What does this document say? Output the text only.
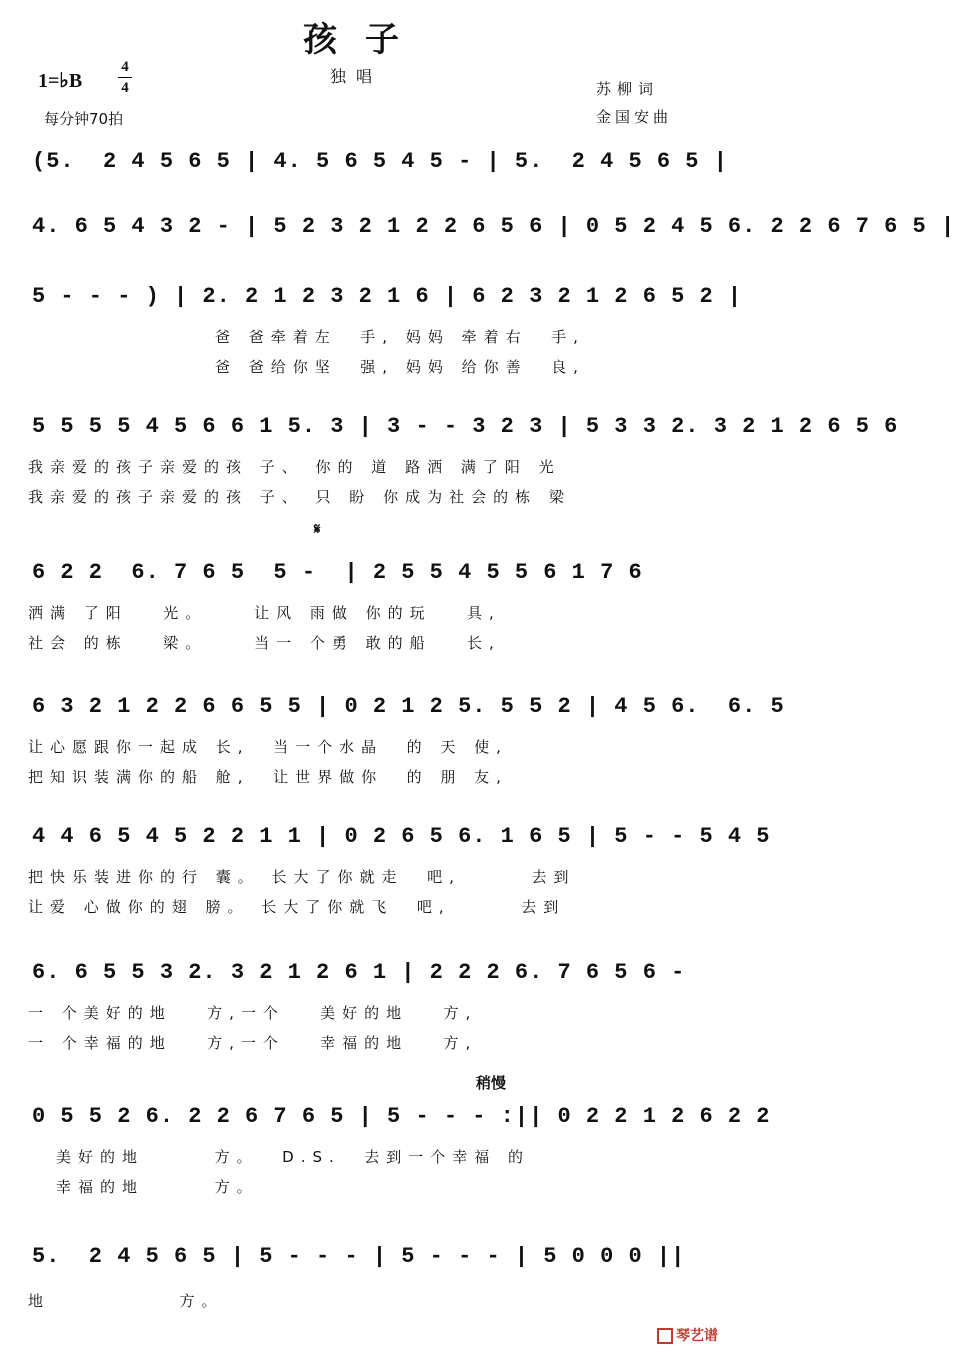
孩子
1=♭B
4
4
每分钟70拍
独唱
苏柳词
金国安曲
(5.  2 4 5 6 5 | 4. 5 6 5 4 5 - | 5.  2 4 5 6 5 |
4. 6 5 4 3 2 - | 5 2 3 2 1 2 2 6 5 6 | 0 5 2 4 5 6. 2 2 6 7 6 5 |
5 - - - ) | 2. 2 1 2 3 2 1 6 | 6 2 3 2 1 2 6 5 2 |
爸 爸牵着左  手, 妈妈 牵着右  手,
爸 爸给你坚  强, 妈妈 给你善  良,
5 5 5 5 4 5 6 6 1 5. 3 | 3 - - 3 2 3 | 5 3 3 2. 3 2 1 2 6 5 6
我亲爱的孩子亲爱的孩 子、 你的 道 路洒 满了阳 光
我亲爱的孩子亲爱的孩 子、 只 盼 你成为社会的栋 梁
𝄋
6 2 2  6. 7 6 5  5 -  | 2 5 5 4 5 5 6 1 7 6
洒满 了阳   光。    让风 雨做 你的玩   具,
社会 的栋   梁。    当一 个勇 敢的船   长,
6 3 2 1 2 2 6 6 5 5 | 0 2 1 2 5. 5 5 2 | 4 5 6.  6. 5
让心愿跟你一起成 长,  当一个水晶  的 天 使,
把知识装满你的船 舱,  让世界做你  的 朋 友,
4 4 6 5 4 5 2 2 1 1 | 0 2 6 5 6. 1 6 5 | 5 - - 5 4 5
把快乐装进你的行 囊。 长大了你就走  吧,      去到
让爱 心做你的翅 膀。 长大了你就飞  吧,      去到
6. 6 5 5 3 2. 3 2 1 2 6 1 | 2 2 2 6. 7 6 5 6 -
一 个美好的地   方,一个   美好的地   方,
一 个幸福的地   方,一个   幸福的地   方,
稍慢
0 5 5 2 6. 2 2 6 7 6 5 | 5 - - - :|| 0 2 2 1 2 6 2 2
美好的地      方。  D.S.  去到一个幸福 的
幸福的地      方。
5.  2 4 5 6 5 | 5 - - - | 5 - - - | 5 0 0 0 ||
地           方。
琴艺谱
